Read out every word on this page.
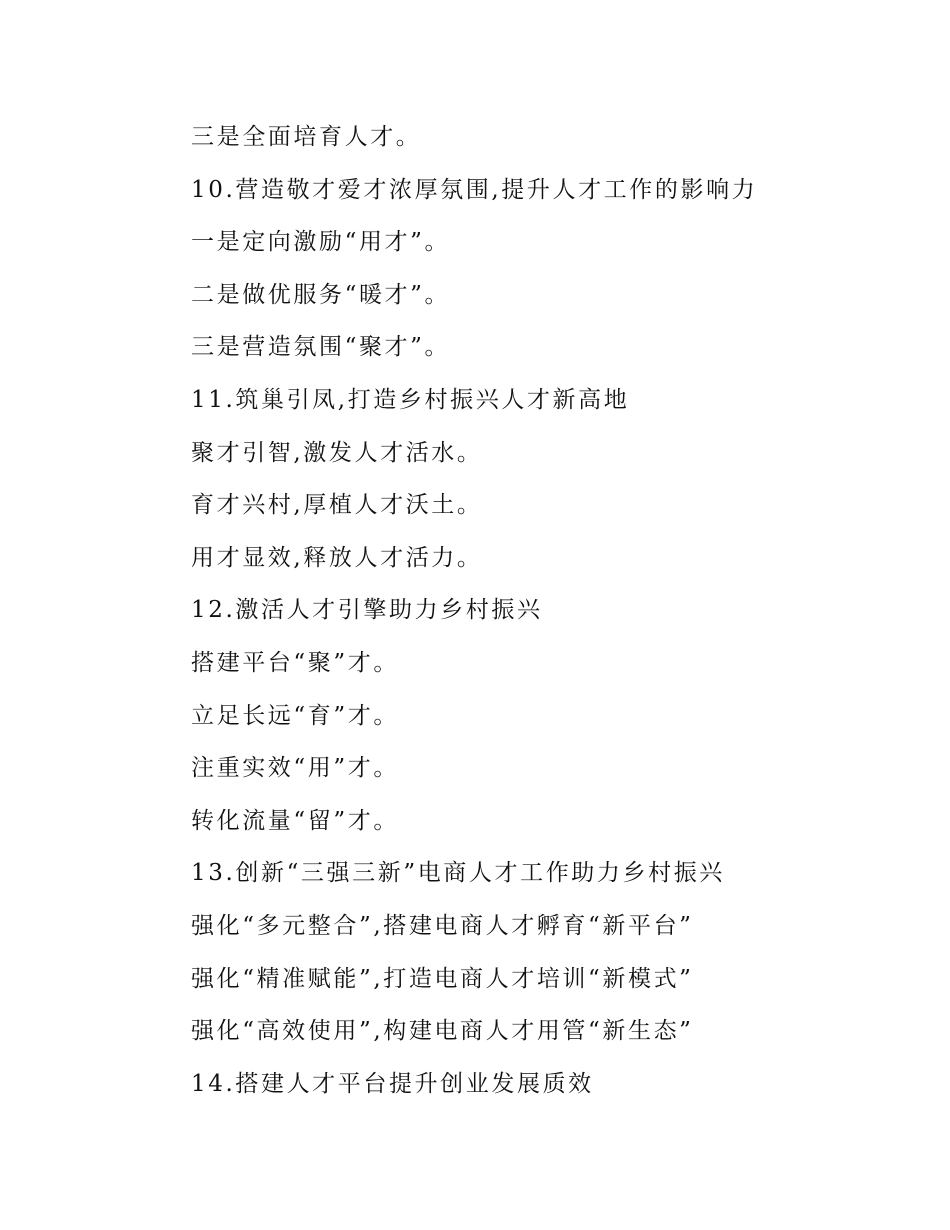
三是全面培育人才。
10.营造敬才爱才浓厚氛围,提升人才工作的影响力
一是定向激励“用才”。
二是做优服务“暖才”。
三是营造氛围“聚才”。
11.筑巢引凤,打造乡村振兴人才新高地
聚才引智,激发人才活水。
育才兴村,厚植人才沃土。
用才显效,释放人才活力。
12.激活人才引擎助力乡村振兴
搭建平台“聚”才。
立足长远“育”才。
注重实效“用”才。
转化流量“留”才。
13.创新“三强三新”电商人才工作助力乡村振兴
强化“多元整合”,搭建电商人才孵育“新平台”
强化“精准赋能”,打造电商人才培训“新模式”
强化“高效使用”,构建电商人才用管“新生态”
14.搭建人才平台提升创业发展质效
